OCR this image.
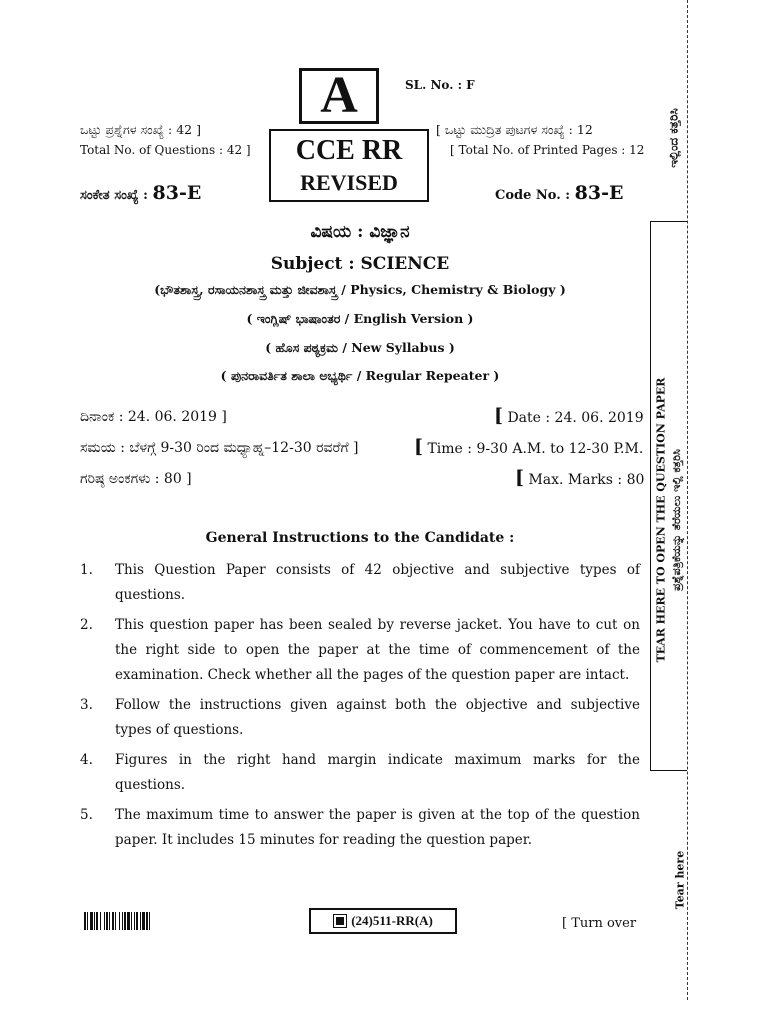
A	SL. No. : F
ಒಟ್ಟು ಪ್ರಶ್ನೆಗಳ ಸಂಖ್ಯೆ : 42 ]
Total No. of Questions : 42 ]
[ ಒಟ್ಟು ಮುದ್ರಿತ ಪುಟಗಳ ಸಂಖ್ಯೆ : 12
[ Total No. of Printed Pages : 12
CCE RR
REVISED
ಸಂಕೇತ ಸಂಖ್ಯೆ : 83-E	Code No. : 83-E
ವಿಷಯ : ವಿಜ್ಞಾನ
Subject : SCIENCE
(ಭೌತಶಾಸ್ತ್ರ, ರಸಾಯನಶಾಸ್ತ್ರ ಮತ್ತು ಜೀವಶಾಸ್ತ್ರ / Physics, Chemistry & Biology )
( ಇಂಗ್ಲಿಷ್ ಭಾಷಾಂತರ / English Version )
( ಹೊಸ ಪಠ್ಯಕ್ರಮ / New Syllabus )
( ಪುನರಾವರ್ತಿತ ಶಾಲಾ ಅಭ್ಯರ್ಥಿ / Regular Repeater )
ದಿನಾಂಕ : 24. 06. 2019 ]	[ Date : 24. 06. 2019
ಸಮಯ : ಬೆಳಗ್ಗೆ 9-30 ರಿಂದ ಮಧ್ಯಾಹ್ನ–12-30 ರವರೆಗೆ ]	[ Time : 9-30 A.M. to 12-30 P.M.
ಗರಿಷ್ಠ ಅಂಕಗಳು : 80 ]	[ Max. Marks : 80
General Instructions to the Candidate :
1.	This Question Paper consists of 42 objective and subjective types of questions.
2.	This question paper has been sealed by reverse jacket. You have to cut on the right side to open the paper at the time of commencement of the examination. Check whether all the pages of the question paper are intact.
3.	Follow the instructions given against both the objective and subjective types of questions.
4.	Figures in the right hand margin indicate maximum marks for the questions.
5.	The maximum time to answer the paper is given at the top of the question paper. It includes 15 minutes for reading the question paper.
(24)511-RR(A)	[ Turn over
ಇಲ್ಲಿಂದ ಕತ್ತರಿಸಿ
TEAR HERE TO OPEN THE QUESTION PAPER ಪ್ರಶ್ನೆಪತ್ರಿಕೆಯನ್ನು ತೆರೆಯಲು ಇಲ್ಲಿ ಕತ್ತರಿಸಿ
Tear here
